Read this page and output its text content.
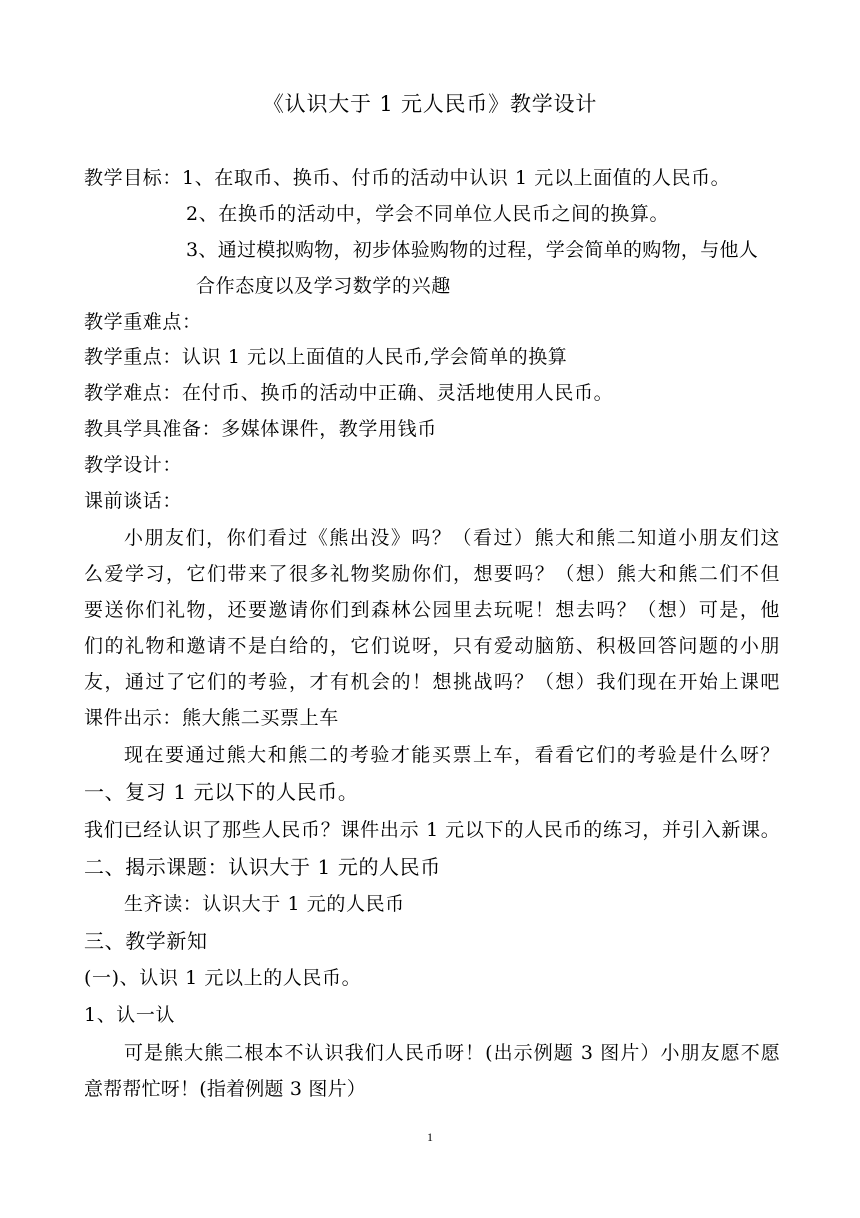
《认识大于 1 元人民币》教学设计
教学目标：1、在取币、换币、付币的活动中认识 1 元以上面值的人民币。
2、在换币的活动中，学会不同单位人民币之间的换算。
3、通过模拟购物，初步体验购物的过程，学会简单的购物，与他人
合作态度以及学习数学的兴趣
教学重难点：
教学重点：认识 1 元以上面值的人民币,学会简单的换算
教学难点：在付币、换币的活动中正确、灵活地使用人民币。
教具学具准备：多媒体课件，教学用钱币
教学设计：
课前谈话：
小朋友们，你们看过《熊出没》吗？（看过）熊大和熊二知道小朋友们这
么爱学习，它们带来了很多礼物奖励你们，想要吗？（想）熊大和熊二们不但
要送你们礼物，还要邀请你们到森林公园里去玩呢！想去吗？（想）可是，他
们的礼物和邀请不是白给的，它们说呀，只有爱动脑筋、积极回答问题的小朋
友，通过了它们的考验，才有机会的！想挑战吗？（想）我们现在开始上课吧
课件出示：熊大熊二买票上车
现在要通过熊大和熊二的考验才能买票上车，看看它们的考验是什么呀？
一、复习 1 元以下的人民币。
我们已经认识了那些人民币？课件出示 1 元以下的人民币的练习，并引入新课。
二、揭示课题：认识大于 1 元的人民币
生齐读：认识大于 1 元的人民币
三、教学新知
(一)、认识 1 元以上的人民币。
1、认一认
可是熊大熊二根本不认识我们人民币呀！(出示例题 3 图片）小朋友愿不愿
意帮帮忙呀！(指着例题 3 图片）
1
